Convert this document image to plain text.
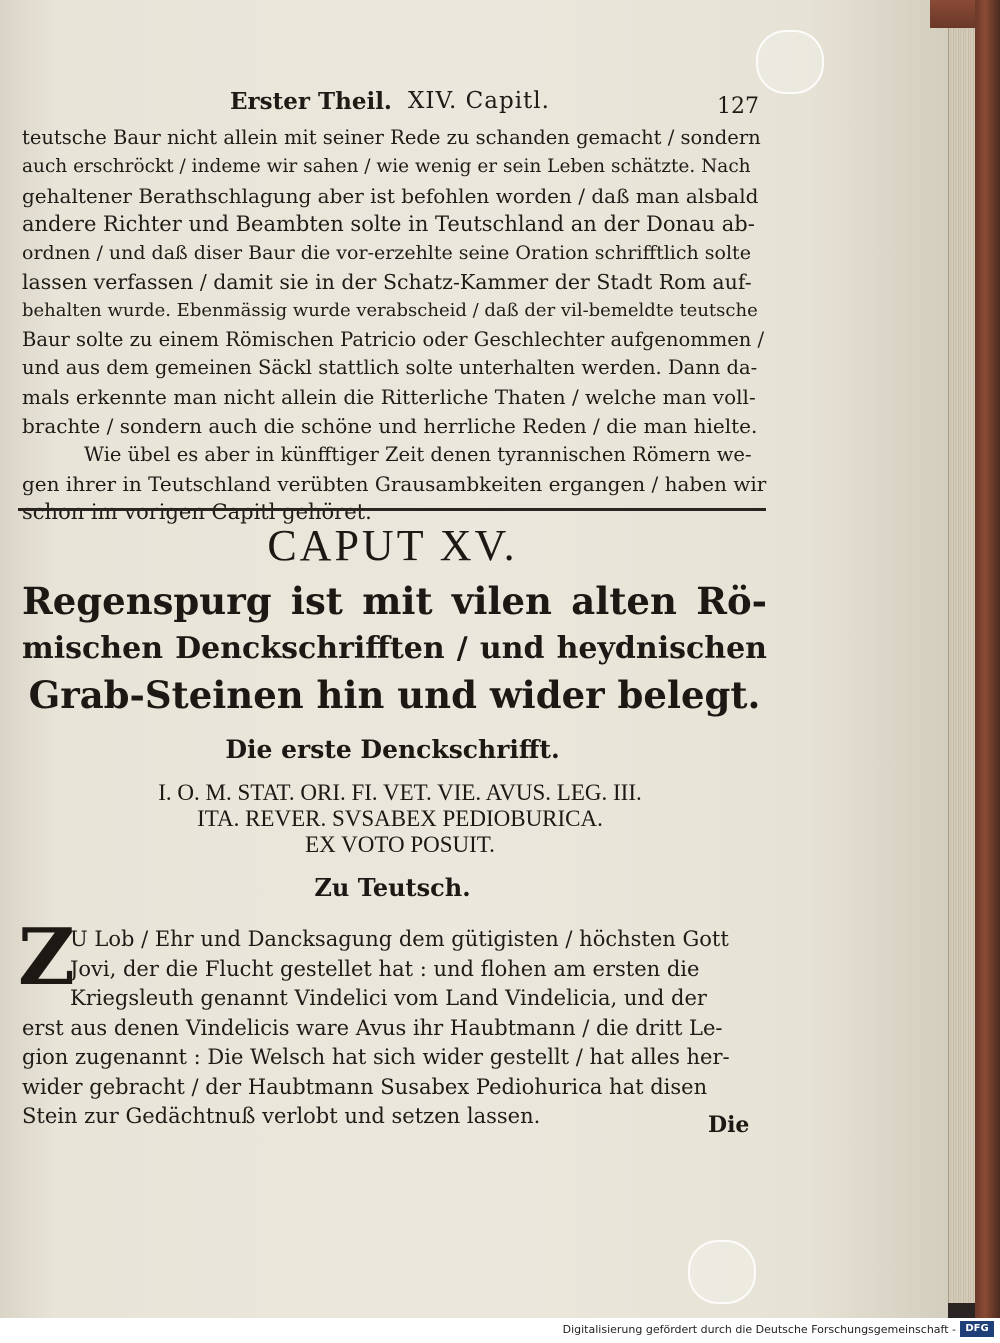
Erster Theil. XIV. Capitl.	127
teutsche Baur nicht allein mit seiner Rede zu schanden gemacht / sondern
auch erschröckt / indeme wir sahen / wie wenig er sein Leben schätzte. Nach
gehaltener Berathschlagung aber ist befohlen worden / daß man alsbald
andere Richter und Beambten solte in Teutschland an der Donau ab-
ordnen / und daß diser Baur die vor-erzehlte seine Oration schrifftlich solte
lassen verfassen / damit sie in der Schatz-Kammer der Stadt Rom auf-
behalten wurde. Ebenmässig wurde verabscheid / daß der vil-bemeldte teutsche
Baur solte zu einem Römischen Patricio oder Geschlechter aufgenommen /
und aus dem gemeinen Säckl stattlich solte unterhalten werden. Dann da-
mals erkennte man nicht allein die Ritterliche Thaten / welche man voll-
brachte / sondern auch die schöne und herrliche Reden / die man hielte.
Wie übel es aber in künfftiger Zeit denen tyrannischen Römern we-
gen ihrer in Teutschland verübten Grausambkeiten ergangen / haben wir
schon im vorigen Capitl gehöret.
CAPUT XV.
Regenspurg ist mit vilen alten Rö-
mischen Denckschrifften / und heydnischen
Grab-Steinen hin und wider belegt.
Die erste Denckschrifft.
I. O. M. STAT. ORI. FI. VET. VIE. AVUS. LEG. III.
ITA. REVER. SVSABEX PEDIOBURICA.
EX VOTO POSUIT.
Zu Teutsch.
Z
U Lob / Ehr und Dancksagung dem gütigisten / höchsten Gott
Jovi, der die Flucht gestellet hat : und flohen am ersten die
Kriegsleuth genannt Vindelici vom Land Vindelicia, und der
erst aus denen Vindelicis ware Avus ihr Haubtmann / die dritt Le-
gion zugenannt : Die Welsch hat sich wider gestellt / hat alles her-
wider gebracht / der Haubtmann Susabex Pediohurica hat disen
Stein zur Gedächtnuß verlobt und setzen lassen.	Die
Digitalisierung gefördert durch die Deutsche Forschungsgemeinschaft - DFG
